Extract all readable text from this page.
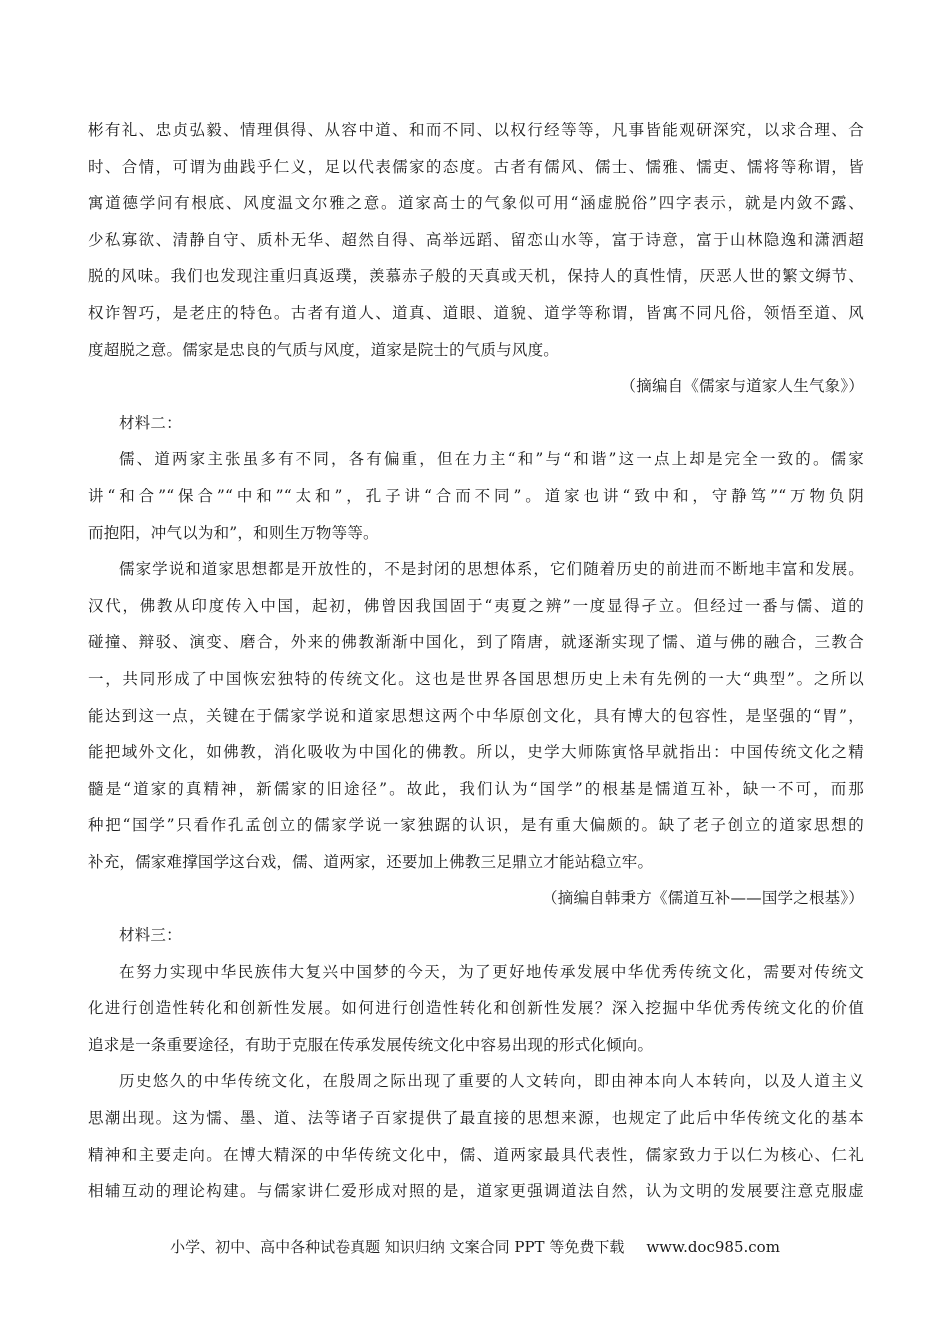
彬有礼、忠贞弘毅、情理俱得、从容中道、和而不同、以权行经等等，凡事皆能观研深究，以求合理、合
时、合情，可谓为曲践乎仁义，足以代表儒家的态度。古者有儒风、儒士、懦雅、懦吏、懦将等称谓，皆
寓道德学问有根底、风度温文尔雅之意。道家高士的气象似可用“涵虚脱俗”四字表示，就是内敛不露、
少私寡欲、清静自守、质朴无华、超然自得、高举远蹈、留恋山水等，富于诗意，富于山林隐逸和潇洒超
脱的风味。我们也发现注重归真返璞，羡慕赤子般的天真或天机，保持人的真性情，厌恶人世的繁文缛节、
权诈智巧，是老庄的特色。古者有道人、道真、道眼、道貌、道学等称谓，皆寓不同凡俗，领悟至道、风
度超脱之意。儒家是忠良的气质与风度，道家是院士的气质与风度。
（摘编自《儒家与道家人生气象》）
材料二：
儒、道两家主张虽多有不同，各有偏重，但在力主“和”与“和谐”这一点上却是完全一致的。儒家
讲“和合”“保合”“中和”“太和”，孔子讲“合而不同”。道家也讲“致中和，守静笃”“万物负阴
而抱阳，冲气以为和”，和则生万物等等。
儒家学说和道家思想都是开放性的，不是封闭的思想体系，它们随着历史的前进而不断地丰富和发展。
汉代，佛教从印度传入中国，起初，佛曾因我国固于“夷夏之辨”一度显得孑立。但经过一番与儒、道的
碰撞、辩驳、演变、磨合，外来的佛教渐渐中国化，到了隋唐，就逐渐实现了懦、道与佛的融合，三教合
一，共同形成了中国恢宏独特的传统文化。这也是世界各国思想历史上未有先例的一大“典型”。之所以
能达到这一点，关键在于儒家学说和道家思想这两个中华原创文化，具有博大的包容性，是坚强的“胃”，
能把域外文化，如佛教，消化吸收为中国化的佛教。所以，史学大师陈寅恪早就指出：中国传统文化之精
髓是“道家的真精神，新儒家的旧途径”。故此，我们认为“国学”的根基是懦道互补，缺一不可，而那
种把“国学”只看作孔孟创立的儒家学说一家独踞的认识，是有重大偏颇的。缺了老子创立的道家思想的
补充，儒家难撑国学这台戏，儒、道两家，还要加上佛教三足鼎立才能站稳立牢。
（摘编自韩秉方《儒道互补——国学之根基》）
材料三：
在努力实现中华民族伟大复兴中国梦的今天，为了更好地传承发展中华优秀传统文化，需要对传统文
化进行创造性转化和创新性发展。如何进行创造性转化和创新性发展？深入挖掘中华优秀传统文化的价值
追求是一条重要途径，有助于克服在传承发展传统文化中容易出现的形式化倾向。
历史悠久的中华传统文化，在殷周之际出现了重要的人文转向，即由神本向人本转向，以及人道主义
思潮出现。这为懦、墨、道、法等诸子百家提供了最直接的思想来源，也规定了此后中华传统文化的基本
精神和主要走向。在博大精深的中华传统文化中，儒、道两家最具代表性，儒家致力于以仁为核心、仁礼
相辅互动的理论构建。与儒家讲仁爱形成对照的是，道家更强调道法自然，认为文明的发展要注意克服虚
小学、初中、高中各种试卷真题 知识归纳 文案合同 PPT 等免费下载 www.doc985.com
